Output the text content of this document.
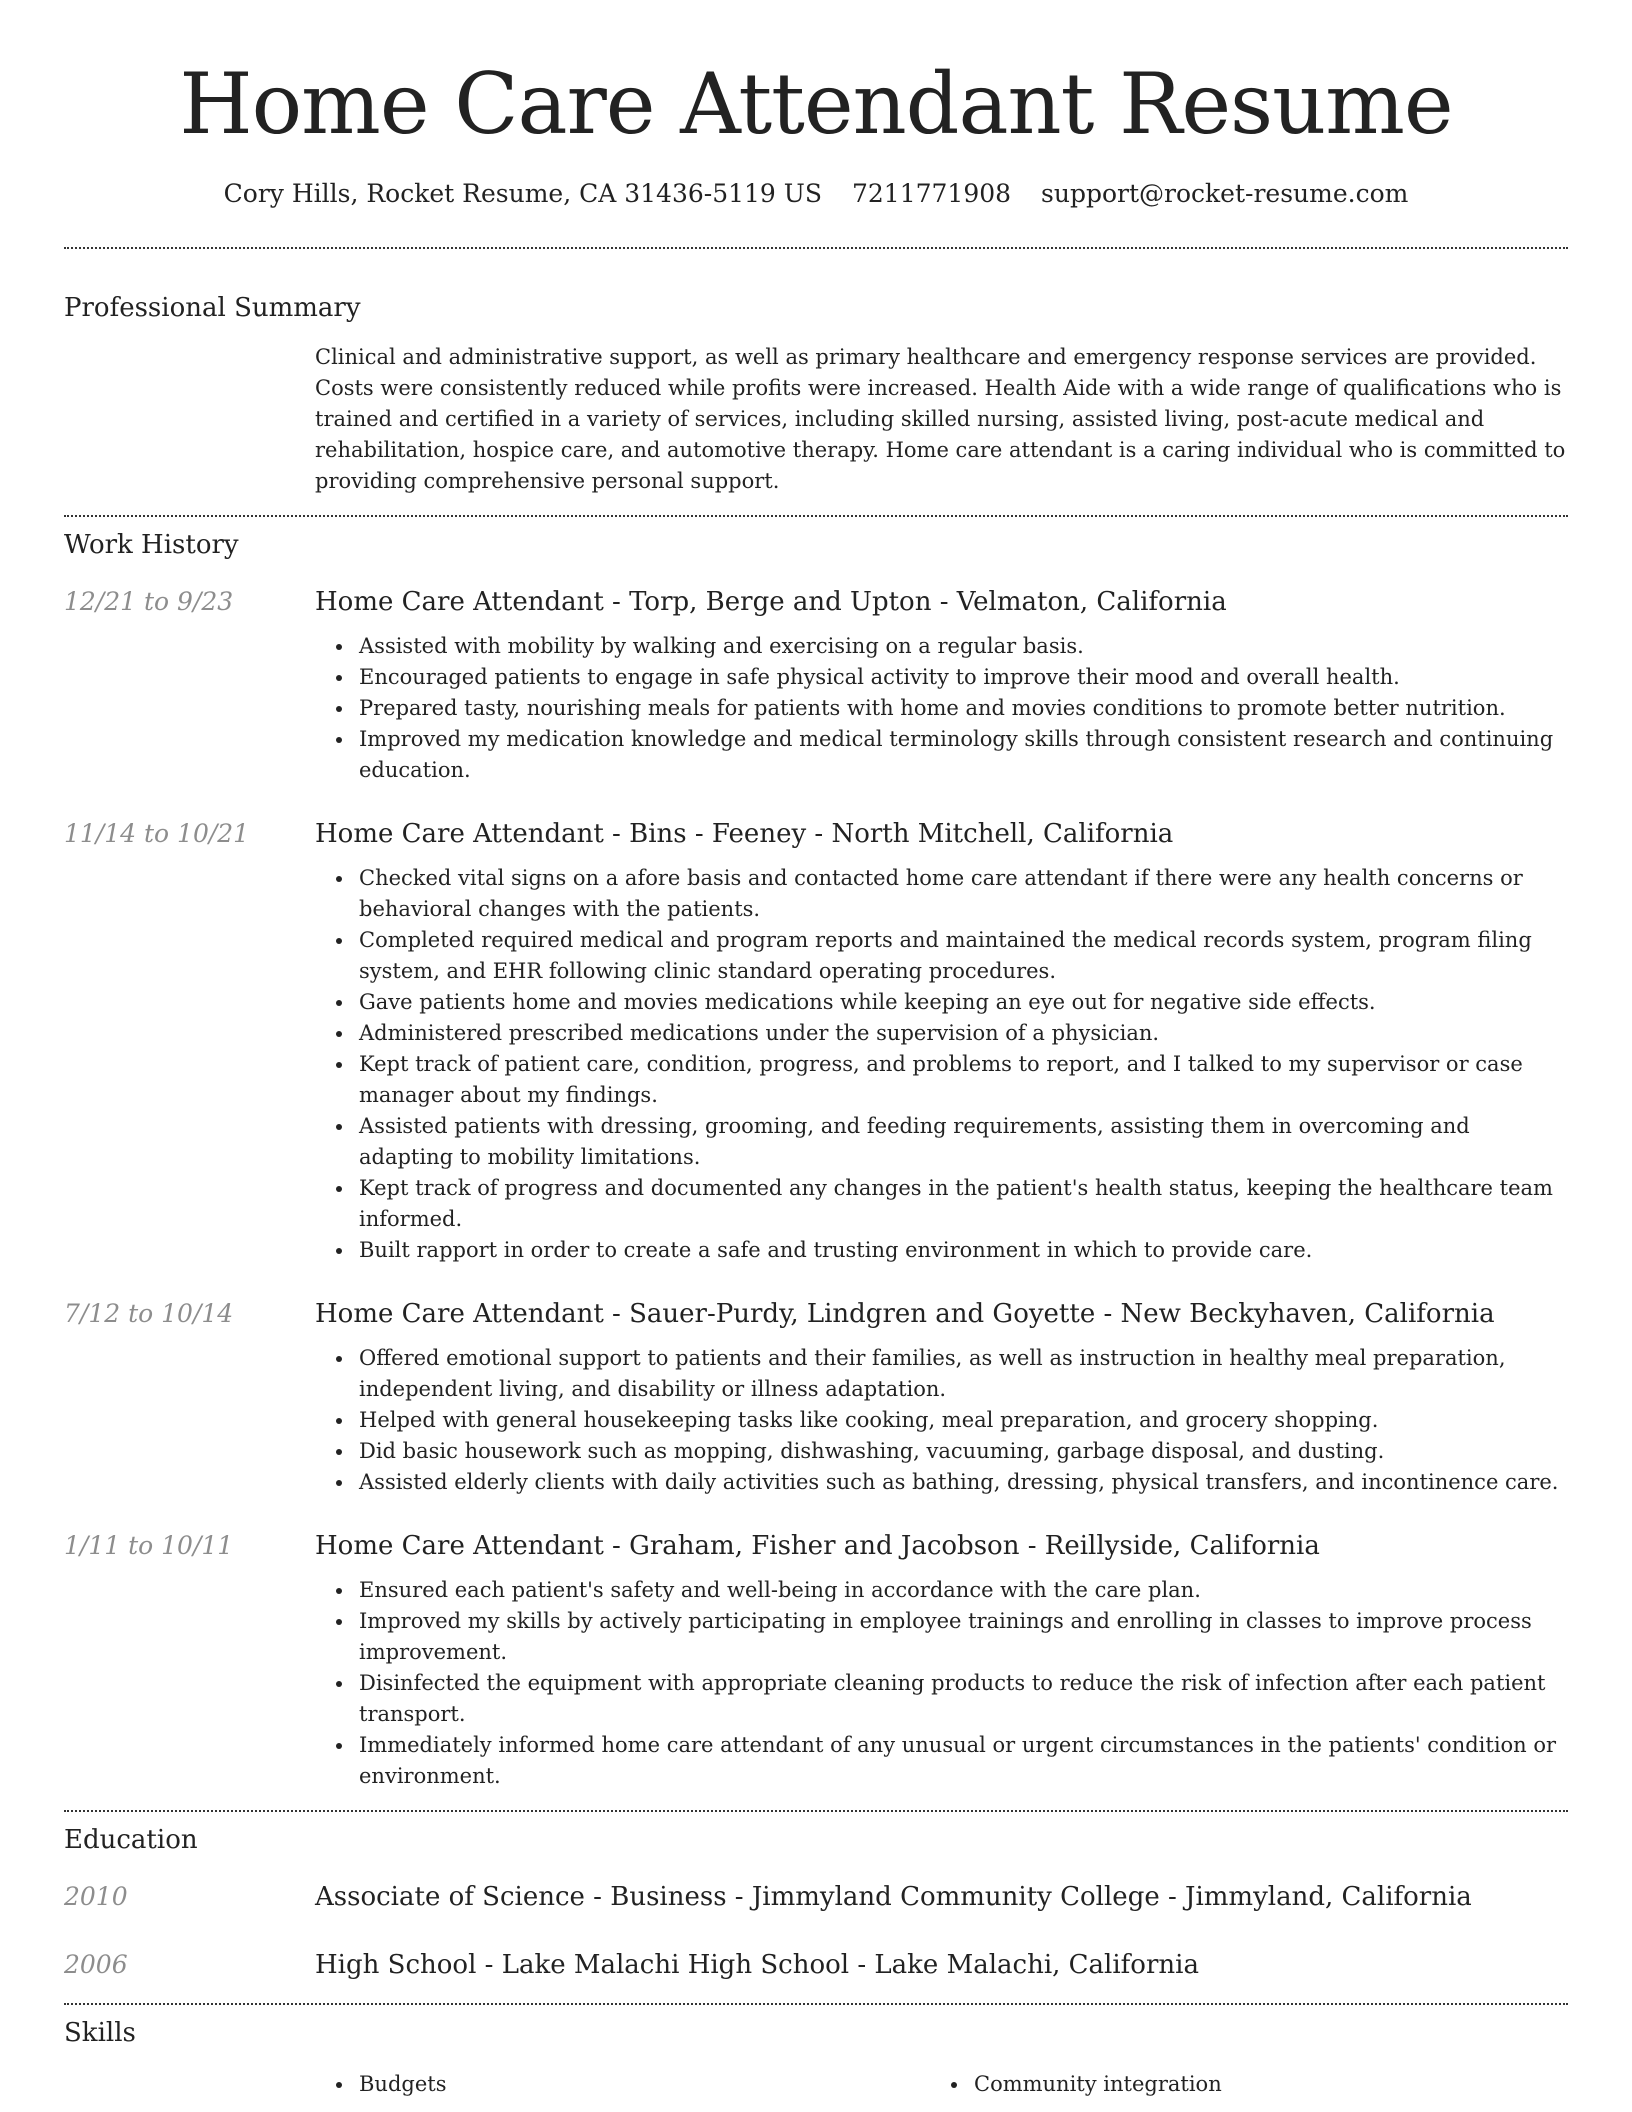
Home Care Attendant Resume
Cory Hills, Rocket Resume, CA 31436-5119 US 7211771908 support@rocket-resume.com
Professional Summary

Clinical and administrative support, as well as primary healthcare and emergency response services are provided. Costs were consistently reduced while profits were increased. Health Aide with a wide range of qualifications who is trained and certified in a variety of services, including skilled nursing, assisted living, post-acute medical and rehabilitation, hospice care, and automotive therapy. Home care attendant is a caring individual who is committed to providing comprehensive personal support.

Work History
12/21 to 9/23	Home Care Attendant - Torp, Berge and Upton - Velmaton, California
Assisted with mobility by walking and exercising on a regular basis.
Encouraged patients to engage in safe physical activity to improve their mood and overall health.
Prepared tasty, nourishing meals for patients with home and movies conditions to promote better nutrition.
Improved my medication knowledge and medical terminology skills through consistent research and continuing education.
11/14 to 10/21	Home Care Attendant - Bins - Feeney - North Mitchell, California
Checked vital signs on a afore basis and contacted home care attendant if there were any health concerns or behavioral changes with the patients.
Completed required medical and program reports and maintained the medical records system, program filing system, and EHR following clinic standard operating procedures.
Gave patients home and movies medications while keeping an eye out for negative side effects.
Administered prescribed medications under the supervision of a physician.
Kept track of patient care, condition, progress, and problems to report, and I talked to my supervisor or case manager about my findings.
Assisted patients with dressing, grooming, and feeding requirements, assisting them in overcoming and adapting to mobility limitations.
Kept track of progress and documented any changes in the patient's health status, keeping the healthcare team informed.
Built rapport in order to create a safe and trusting environment in which to provide care.
7/12 to 10/14	Home Care Attendant - Sauer-Purdy, Lindgren and Goyette - New Beckyhaven, California
Offered emotional support to patients and their families, as well as instruction in healthy meal preparation, independent living, and disability or illness adaptation.
Helped with general housekeeping tasks like cooking, meal preparation, and grocery shopping.
Did basic housework such as mopping, dishwashing, vacuuming, garbage disposal, and dusting.
Assisted elderly clients with daily activities such as bathing, dressing, physical transfers, and incontinence care.
1/11 to 10/11	Home Care Attendant - Graham, Fisher and Jacobson - Reillyside, California
Ensured each patient's safety and well-being in accordance with the care plan.
Improved my skills by actively participating in employee trainings and enrolling in classes to improve process improvement.
Disinfected the equipment with appropriate cleaning products to reduce the risk of infection after each patient transport.
Immediately informed home care attendant of any unusual or urgent circumstances in the patients' condition or environment.
Education
2010	Associate of Science - Business - Jimmyland Community College - Jimmyland, California
2006	High School - Lake Malachi High School - Lake Malachi, California
Skills
Budgets	Community integration
